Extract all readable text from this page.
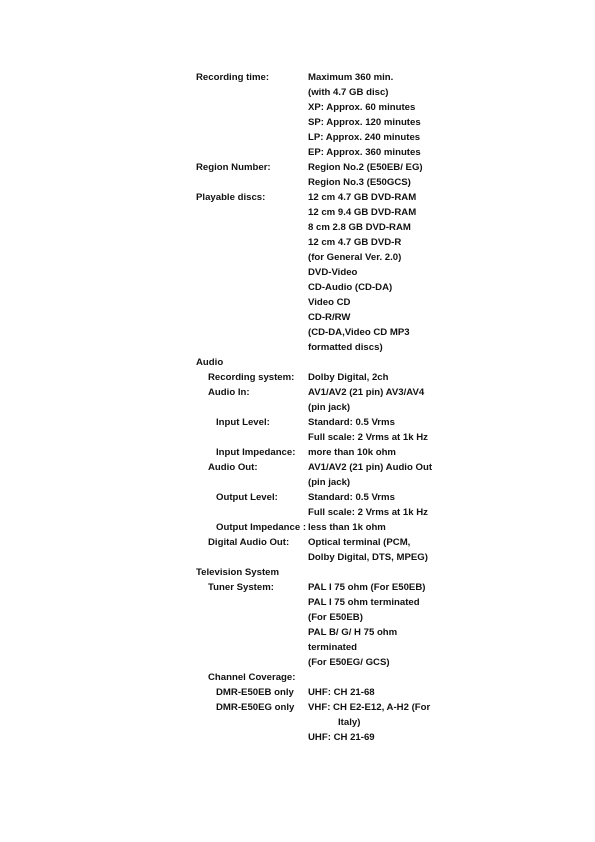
Recording time:	Maximum 360 min.
(with 4.7 GB disc)
XP: Approx. 60 minutes
SP: Approx. 120 minutes
LP: Approx. 240 minutes
EP: Approx. 360 minutes
Region Number:	Region No.2 (E50EB/ EG)
Region No.3 (E50GCS)
Playable discs:	12 cm 4.7 GB DVD-RAM
12 cm 9.4 GB DVD-RAM
8 cm 2.8 GB DVD-RAM
12 cm 4.7 GB DVD-R
(for General Ver. 2.0)
DVD-Video
CD-Audio (CD-DA)
Video CD
CD-R/RW
(CD-DA,Video CD MP3
formatted discs)
Audio
Recording system:	Dolby Digital, 2ch
Audio In:	AV1/AV2 (21 pin) AV3/AV4
(pin jack)
Input Level:	Standard: 0.5 Vrms
Full scale: 2 Vrms at 1k Hz
Input Impedance:	more than 10k ohm
Audio Out:	AV1/AV2 (21 pin) Audio Out
(pin jack)
Output Level:	Standard: 0.5 Vrms
Full scale: 2 Vrms at 1k Hz
Output Impedance : less than 1k ohm
Digital Audio Out:	Optical terminal (PCM,
Dolby Digital, DTS, MPEG)
Television System
Tuner System:	PAL I 75 ohm (For E50EB)
PAL I 75 ohm terminated
(For E50EB)
PAL B/ G/ H 75 ohm
terminated
(For E50EG/ GCS)
Channel Coverage:
DMR-E50EB only	UHF: CH 21-68
DMR-E50EG only	VHF: CH E2-E12, A-H2 (For
Italy)
UHF: CH 21-69
